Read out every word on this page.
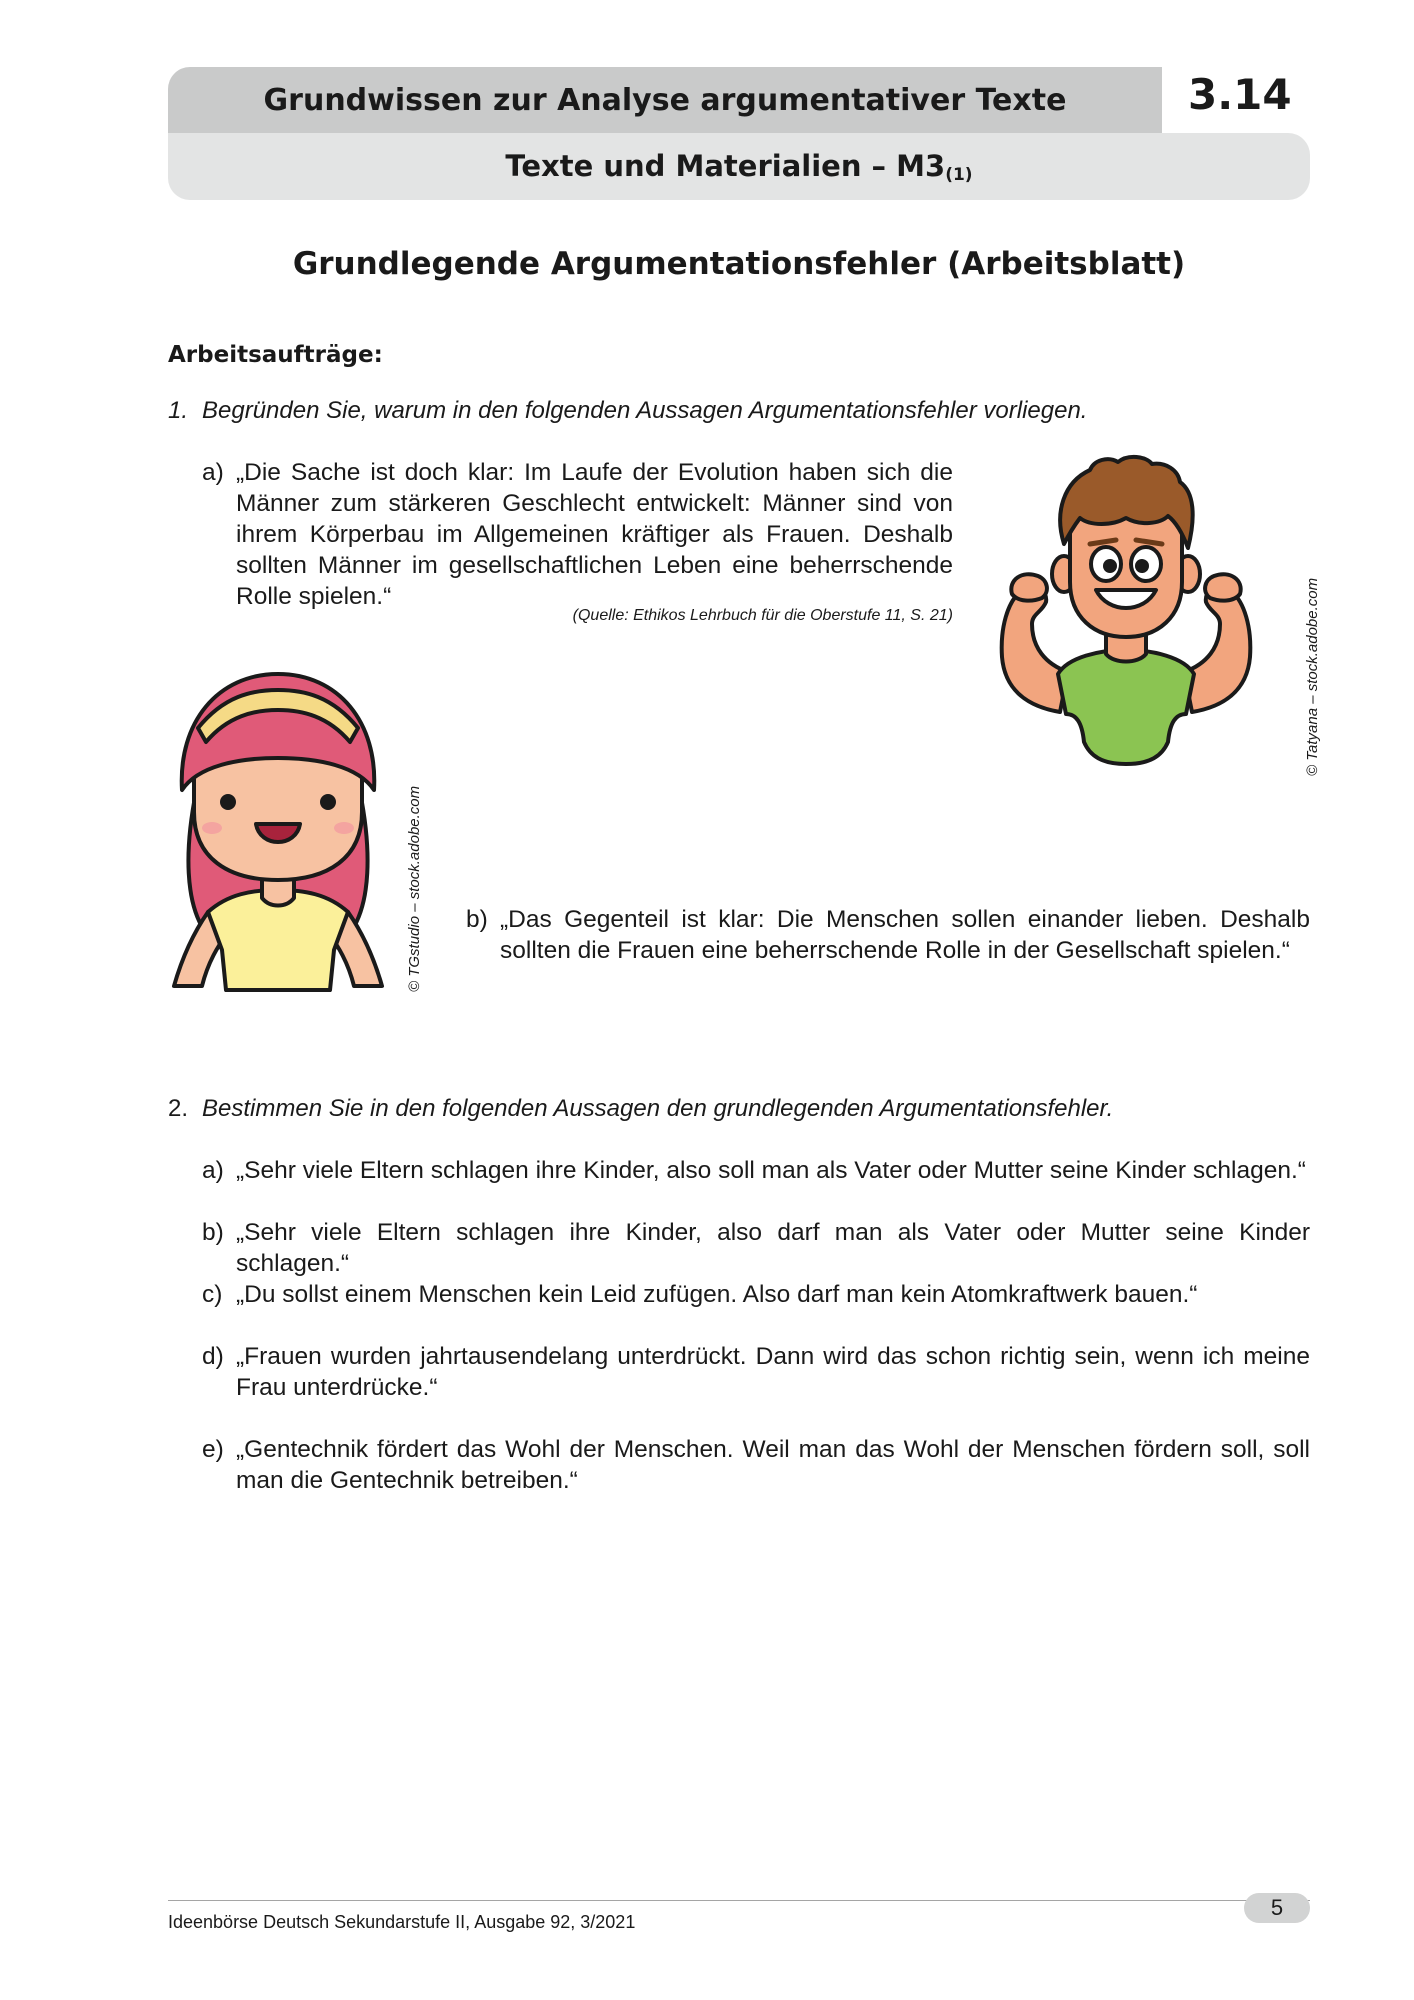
Grundwissen zur Analyse argumentativer Texte	3.14
Texte und Materialien – $M3_{(1)}$
Grundlegende Argumentationsfehler (Arbeitsblatt)
Arbeitsaufträge:
1. Begründen Sie, warum in den folgenden Aussagen Argumentationsfehler vorliegen.
a) „Die Sache ist doch klar: Im Laufe der Evolution haben sich die Männer zum stärkeren Geschlecht entwickelt: Männer sind von ihrem Körperbau im Allgemeinen kräftiger als Frauen. Deshalb sollten Männer im gesellschaftlichen Leben eine beherrschende Rolle spielen.“
(Quelle: Ethikos Lehrbuch für die Oberstufe 11, S. 21)	© Tatyana – stock.adobe.com
© TGstudio – stock.adobe.com b) „Das Gegenteil ist klar: Die Menschen sollen einander lieben. Deshalb sollten die Frauen eine beherrschende Rolle in der Gesellschaft spielen.“
2. Bestimmen Sie in den folgenden Aussagen den grundlegenden Argumentationsfehler.
a) „Sehr viele Eltern schlagen ihre Kinder, also soll man als Vater oder Mutter seine Kinder schlagen.“
b) „Sehr viele Eltern schlagen ihre Kinder, also darf man als Vater oder Mutter seine Kinder schlagen.“
c) „Du sollst einem Menschen kein Leid zufügen. Also darf man kein Atomkraftwerk bauen.“
d) „Frauen wurden jahrtausendelang unterdrückt. Dann wird das schon richtig sein, wenn ich meine Frau unterdrücke.“
e) „Gentechnik fördert das Wohl der Menschen. Weil man das Wohl der Menschen fördern soll, soll man die Gentechnik betreiben.“
Ideenbörse Deutsch Sekundarstufe II, Ausgabe 92, 3/2021
5
